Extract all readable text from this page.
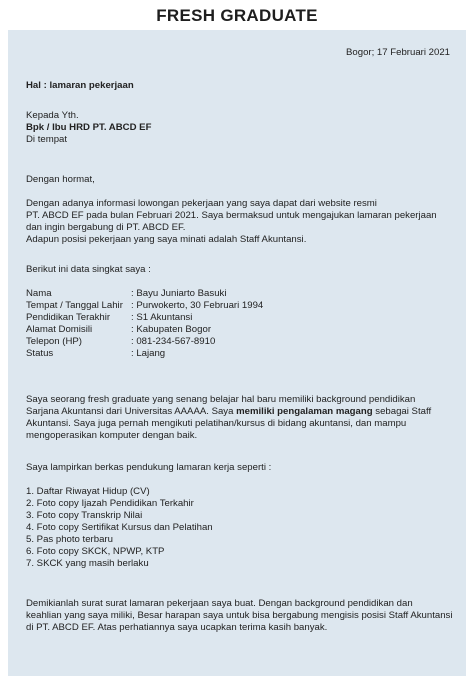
FRESH GRADUATE
Bogor; 17 Februari 2021
Hal : lamaran pekerjaan
Kepada Yth.
Bpk / Ibu HRD PT. ABCD EF
Di tempat
Dengan hormat,
Dengan adanya informasi lowongan pekerjaan yang saya dapat dari website resmi
PT. ABCD EF pada bulan Februari 2021. Saya bermaksud untuk mengajukan lamaran pekerjaan
dan ingin bergabung di PT. ABCD EF.
Adapun posisi pekerjaan yang saya minati adalah Staff Akuntansi.
Berikut ini data singkat saya :
Nama	: Bayu Juniarto Basuki
Tempat / Tanggal Lahir : Purwokerto, 30 Februari 1994
Pendidikan Terakhir : S1 Akuntansi
Alamat Domisili	: Kabupaten Bogor
Telepon (HP)	: 081-234-567-8910
Status	: Lajang
Saya seorang fresh graduate yang senang belajar hal baru memiliki background pendidikan
Sarjana Akuntansi dari Universitas AAAAA. Saya memiliki pengalaman magang sebagai Staff
Akuntansi. Saya juga pernah mengikuti pelatihan/kursus di bidang akuntansi, dan mampu
mengoperasikan komputer dengan baik.
Saya lampirkan berkas pendukung lamaran kerja seperti :
1. Daftar Riwayat Hidup (CV)
2. Foto copy Ijazah Pendidikan Terkahir
3. Foto copy Transkrip Nilai
4. Foto copy Sertifikat Kursus dan Pelatihan
5. Pas photo terbaru
6. Foto copy SKCK, NPWP, KTP
7. SKCK yang masih berlaku
Demikianlah surat surat lamaran pekerjaan saya buat. Dengan background pendidikan dan
keahlian yang saya miliki, Besar harapan saya untuk bisa bergabung mengisis posisi Staff Akuntansi
di PT. ABCD EF. Atas perhatiannya saya ucapkan terima kasih banyak.
